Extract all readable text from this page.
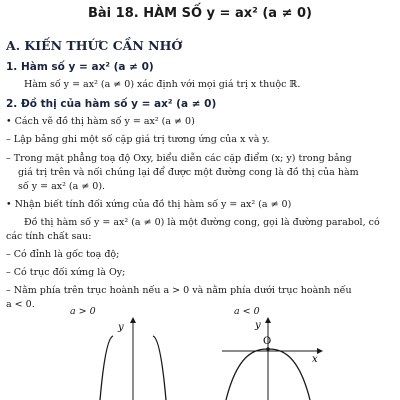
Bài 18. HÀM SỐ y = ax² (a ≠ 0)
A. KIẾN THỨC CẦN NHỚ
1. Hàm số y = ax² (a ≠ 0)
Hàm số y = ax² (a ≠ 0) xác định với mọi giá trị x thuộc ℝ.
2. Đồ thị của hàm số y = ax² (a ≠ 0)
• Cách vẽ đồ thị hàm số y = ax² (a ≠ 0)
– Lập bảng ghi một số cặp giá trị tương ứng của x và y.
– Trong mặt phẳng toạ độ Oxy, biểu diễn các cặp điểm (x; y) trong bảng
giá trị trên và nối chúng lại để được một đường cong là đồ thị của hàm
số y = ax² (a ≠ 0).
• Nhận biết tính đối xứng của đồ thị hàm số y = ax² (a ≠ 0)
Đồ thị hàm số y = ax² (a ≠ 0) là một đường cong, gọi là đường parabol, có
các tính chất sau:
– Có đỉnh là gốc toạ độ;
– Có trục đối xứng là Oy;
– Nằm phía trên trục hoành nếu a > 0 và nằm phía dưới trục hoành nếu
a < 0.
a > 0	a < 0
y	y
x
O
